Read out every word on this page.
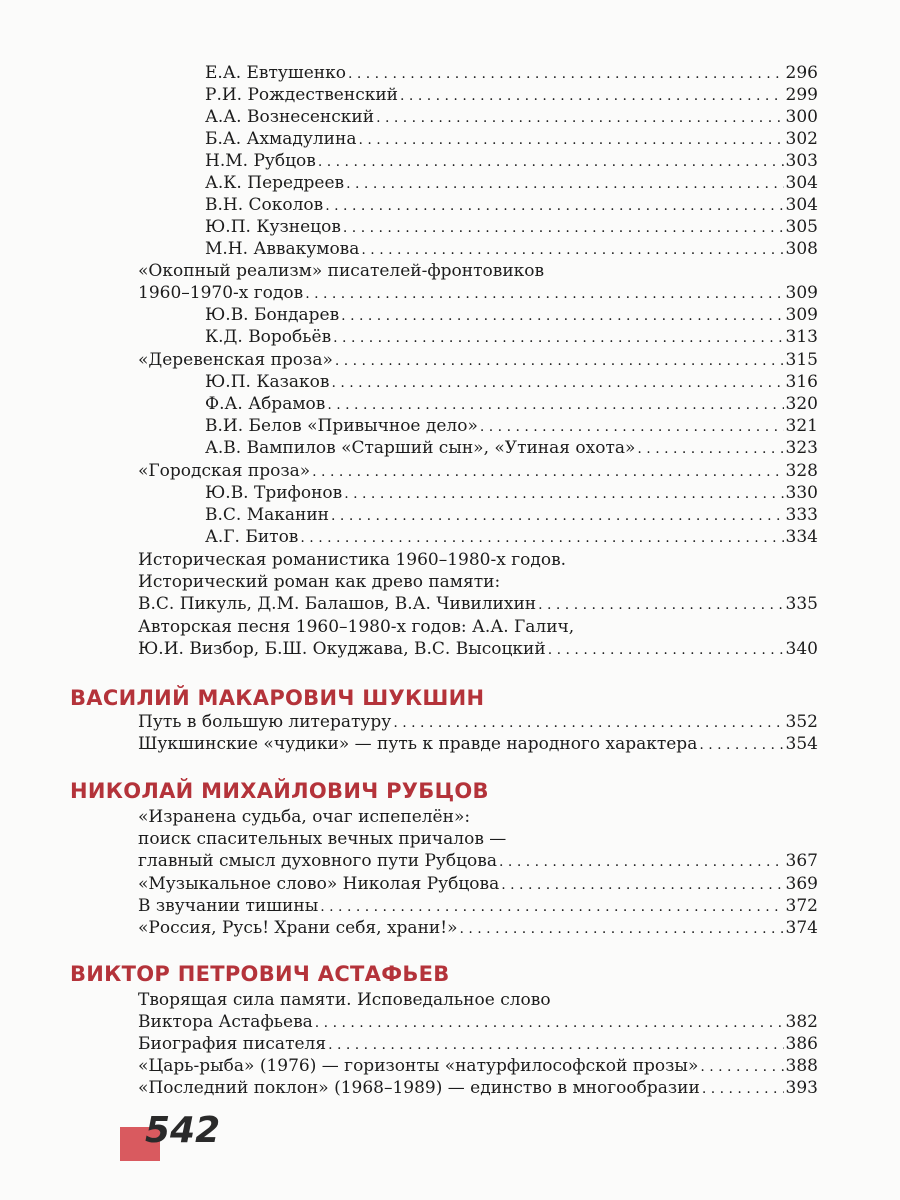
Е.А. Евтушенко . . .	296
Р.И. Рождественский . . .	299
А.А. Вознесенский . . .	300
Б.А. Ахмадулина . . .	302
Н.М. Рубцов . . .	303
А.К. Передреев . . .	304
В.Н. Соколов . . .	304
Ю.П. Кузнецов . . .	305
М.Н. Аввакумова . . .	308
«Окопный реализм» писателей-фронтовиков
1960–1970-х годов . . .	309
Ю.В. Бондарев . . .	309
К.Д. Воробьёв . . .	313
«Деревенская проза» . . .	315
Ю.П. Казаков . . .	316
Ф.А. Абрамов . . .	320
В.И. Белов «Привычное дело» . . .	321
А.В. Вампилов «Старший сын», «Утиная охота» . . .	323
«Городская проза» . . .	328
Ю.В. Трифонов . . .	330
В.С. Маканин . . .	333
А.Г. Битов . . .	334
Историческая романистика 1960–1980-х годов.
Исторический роман как древо памяти:
В.С. Пикуль, Д.М. Балашов, В.А. Чивилихин . . .	335
Авторская песня 1960–1980-х годов: А.А. Галич,
Ю.И. Визбор, Б.Ш. Окуджава, В.С. Высоцкий . . .	340
ВАСИЛИЙ МАКАРОВИЧ ШУКШИН
Путь в большую литературу . . .	352
Шукшинские «чудики» — путь к правде народного характера . . .	354
НИКОЛАЙ МИХАЙЛОВИЧ РУБЦОВ
«Изранена судьба, очаг испепелён»:
поиск спасительных вечных причалов —
главный смысл духовного пути Рубцова . . .	367
«Музыкальное слово» Николая Рубцова . . .	369
В звучании тишины . . .	372
«Россия, Русь! Храни себя, храни!» . . .	374
ВИКТОР ПЕТРОВИЧ АСТАФЬЕВ
Творящая сила памяти. Исповедальное слово
Виктора Астафьева . . .	382
Биография писателя . . .	386
«Царь-рыба» (1976) — горизонты «натурфилософской прозы» . . .	388
«Последний поклон» (1968–1989) — единство в многообразии . . .	393
542
